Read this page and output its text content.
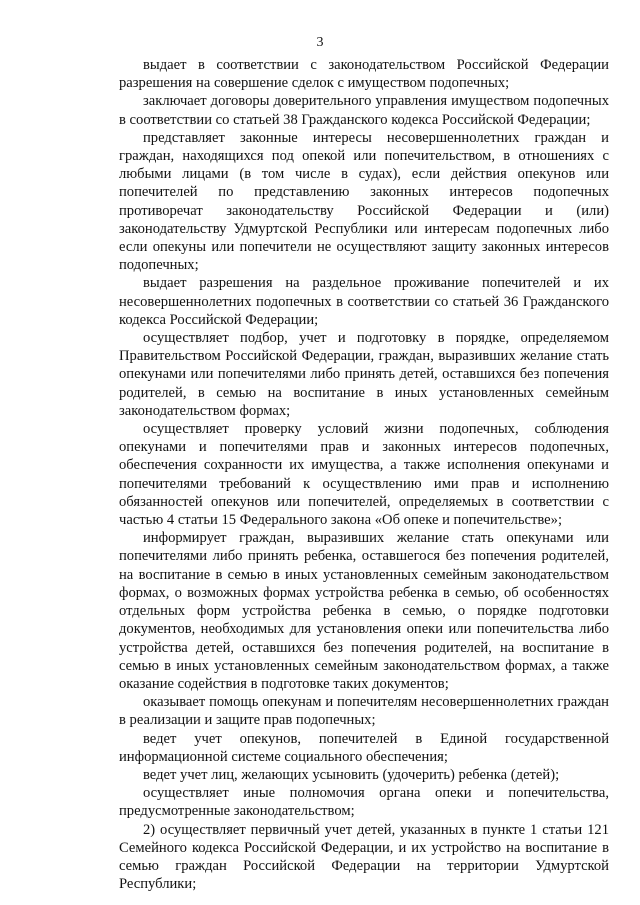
3

выдает в соответствии с законодательством Российской Федерации разрешения на совершение сделок с имуществом подопечных;

заключает договоры доверительного управления имуществом подопечных в соответствии со статьей 38 Гражданского кодекса Российской Федерации;

представляет законные интересы несовершеннолетних граждан и граждан, находящихся под опекой или попечительством, в отношениях с любыми лицами (в том числе в судах), если действия опекунов или попечителей по представлению законных интересов подопечных противоречат законодательству Российской Федерации и (или) законодательству Удмуртской Республики или интересам подопечных либо если опекуны или попечители не осуществляют защиту законных интересов подопечных;

выдает разрешения на раздельное проживание попечителей и их несовершеннолетних подопечных в соответствии со статьей 36 Гражданского кодекса Российской Федерации;

осуществляет подбор, учет и подготовку в порядке, определяемом Правительством Российской Федерации, граждан, выразивших желание стать опекунами или попечителями либо принять детей, оставшихся без попечения родителей, в семью на воспитание в иных установленных семейным законодательством формах;

осуществляет проверку условий жизни подопечных, соблюдения опекунами и попечителями прав и законных интересов подопечных, обеспечения сохранности их имущества, а также исполнения опекунами и попечителями требований к осуществлению ими прав и исполнению обязанностей опекунов или попечителей, определяемых в соответствии с частью 4 статьи 15 Федерального закона «Об опеке и попечительстве»;

информирует граждан, выразивших желание стать опекунами или попечителями либо принять ребенка, оставшегося без попечения родителей, на воспитание в семью в иных установленных семейным законодательством формах, о возможных формах устройства ребенка в семью, об особенностях отдельных форм устройства ребенка в семью, о порядке подготовки документов, необходимых для установления опеки или попечительства либо устройства детей, оставшихся без попечения родителей, на воспитание в семью в иных установленных семейным законодательством формах, а также оказание содействия в подготовке таких документов;

оказывает помощь опекунам и попечителям несовершеннолетних граждан в реализации и защите прав подопечных;

ведет учет опекунов, попечителей в Единой государственной информационной системе социального обеспечения;

ведет учет лиц, желающих усыновить (удочерить) ребенка (детей);

осуществляет иные полномочия органа опеки и попечительства, предусмотренные законодательством;

2) осуществляет первичный учет детей, указанных в пункте 1 статьи 121 Семейного кодекса Российской Федерации, и их устройство на воспитание в семью граждан Российской Федерации на территории Удмуртской Республики;
